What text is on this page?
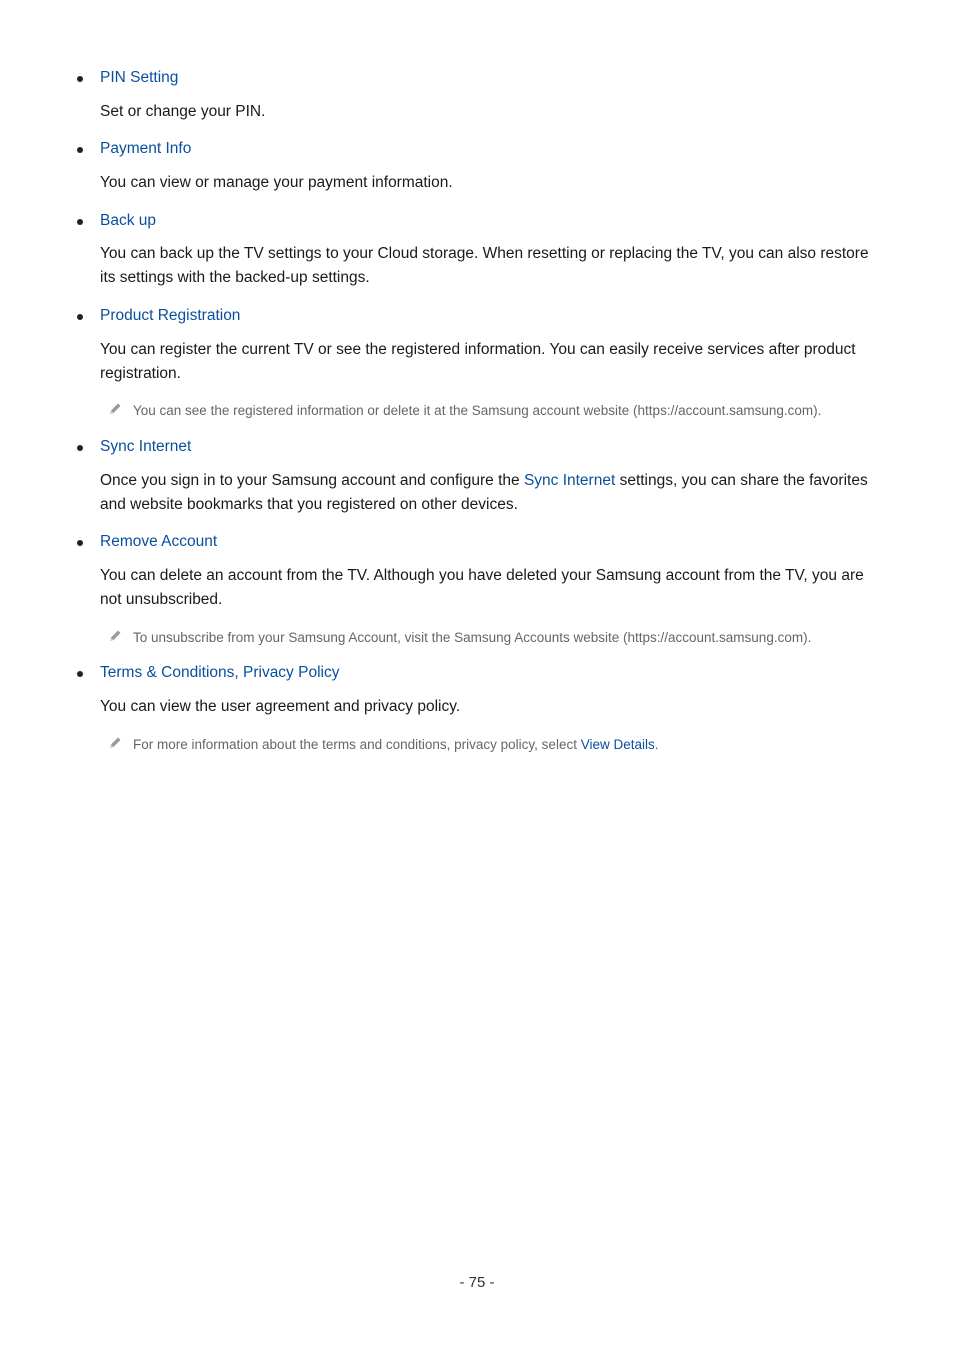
PIN Setting
Set or change your PIN.
Payment Info
You can view or manage your payment information.
Back up
You can back up the TV settings to your Cloud storage. When resetting or replacing the TV, you can also restore
its settings with the backed-up settings.
Product Registration
You can register the current TV or see the registered information. You can easily receive services after product
registration.
You can see the registered information or delete it at the Samsung account website (https://account.samsung.com).
Sync Internet
Once you sign in to your Samsung account and configure the Sync Internet settings, you can share the favorites
and website bookmarks that you registered on other devices.
Remove Account
You can delete an account from the TV. Although you have deleted your Samsung account from the TV, you are
not unsubscribed.
To unsubscribe from your Samsung Account, visit the Samsung Accounts website (https://account.samsung.com).
Terms & Conditions, Privacy Policy
You can view the user agreement and privacy policy.
For more information about the terms and conditions, privacy policy, select View Details.
- 75 -
